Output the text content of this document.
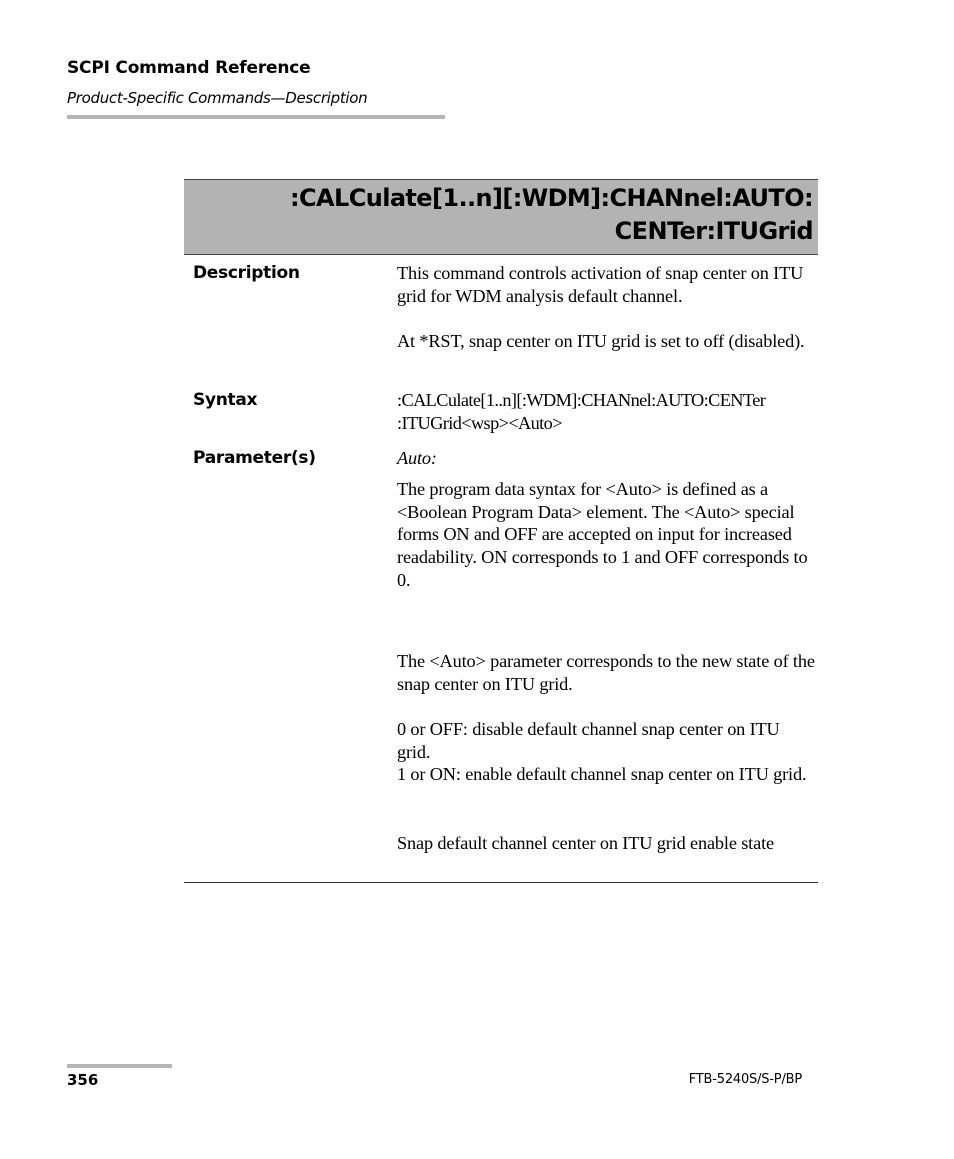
SCPI Command Reference
Product-Specific Commands—Description
:CALCulate[1..n][:WDM]:CHANnel:AUTO:
CENTer:ITUGrid
Description	This command controls activation of snap center on ITU grid for WDM analysis default channel.

At *RST, snap center on ITU grid is set to off (disabled).

Syntax	:CALCulate[1..n][:WDM]:CHANnel:AUTO:CENTer

:ITUGrid<wsp><Auto>

Parameter(s)	Auto:

The program data syntax for <Auto> is defined as a <Boolean Program Data> element. The <Auto> special forms ON and OFF are accepted on input for increased readability. ON corresponds to 1 and OFF corresponds to 0.

The <Auto> parameter corresponds to the new state of the snap center on ITU grid.

0 or OFF: disable default channel snap center on ITU grid.

1 or ON: enable default channel snap center on ITU grid.

Snap default channel center on ITU grid enable state

356	FTB-5240S/S-P/BP
